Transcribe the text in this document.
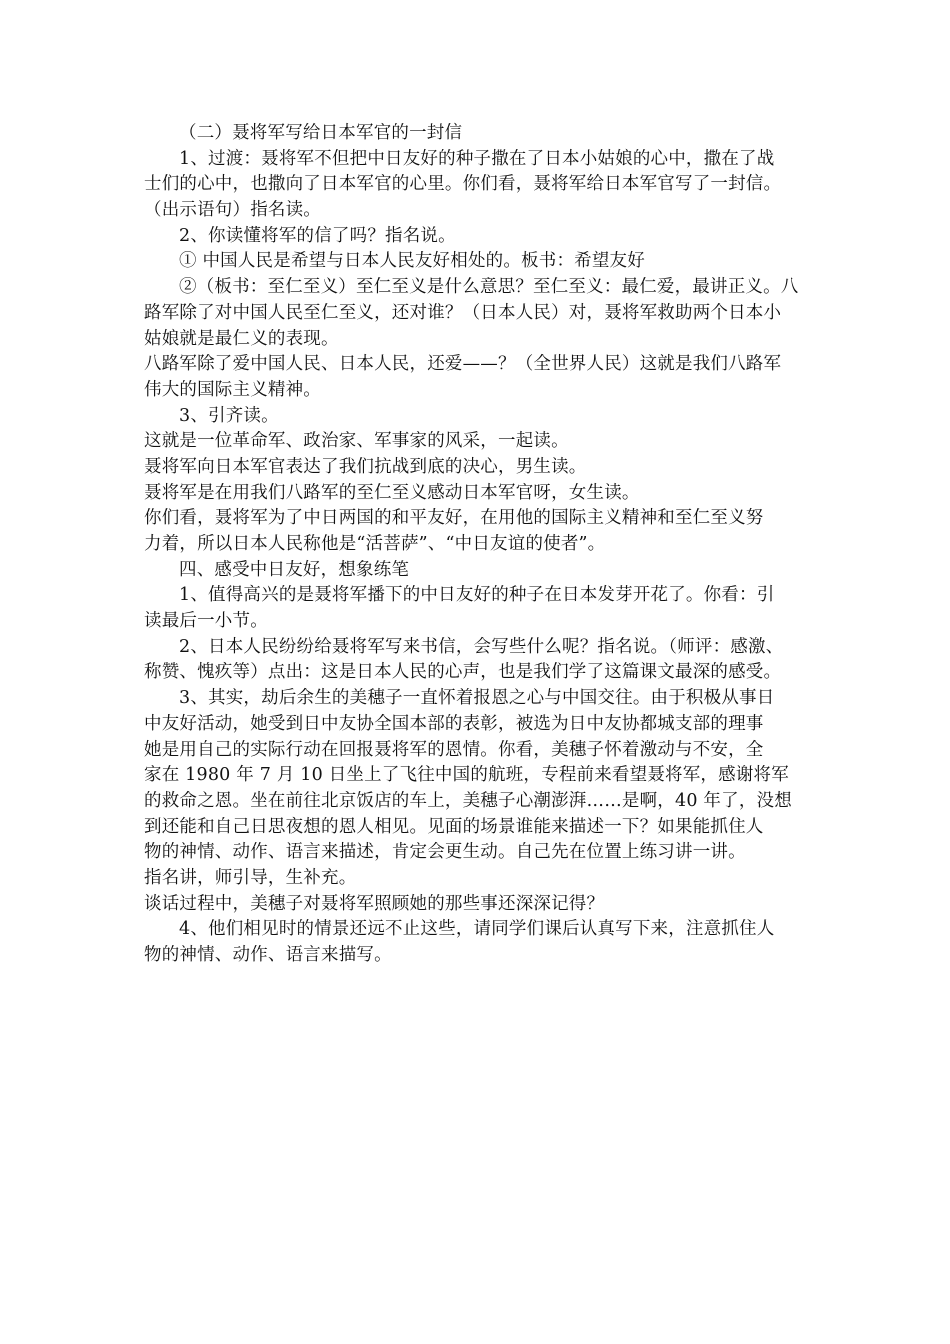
（二）聂将军写给日本军官的一封信
1、过渡：聂将军不但把中日友好的种子撒在了日本小姑娘的心中，撒在了战
士们的心中，也撒向了日本军官的心里。你们看，聂将军给日本军官写了一封信。
（出示语句）指名读。
2、你读懂将军的信了吗？指名说。
① 中国人民是希望与日本人民友好相处的。板书：希望友好
②（板书：至仁至义）至仁至义是什么意思？至仁至义：最仁爱，最讲正义。八
路军除了对中国人民至仁至义，还对谁？（日本人民）对，聂将军救助两个日本小
姑娘就是最仁义的表现。
八路军除了爱中国人民、日本人民，还爱——？（全世界人民）这就是我们八路军
伟大的国际主义精神。
3、引齐读。
这就是一位革命军、政治家、军事家的风采，一起读。
聂将军向日本军官表达了我们抗战到底的决心，男生读。
聂将军是在用我们八路军的至仁至义感动日本军官呀，女生读。
你们看，聂将军为了中日两国的和平友好，在用他的国际主义精神和至仁至义努
力着，所以日本人民称他是“活菩萨”、“中日友谊的使者”。
四、感受中日友好，想象练笔
1、值得高兴的是聂将军播下的中日友好的种子在日本发芽开花了。你看：引
读最后一小节。
2、日本人民纷纷给聂将军写来书信，会写些什么呢？指名说。（师评：感激、
称赞、愧疚等）点出：这是日本人民的心声，也是我们学了这篇课文最深的感受。
3、其实，劫后余生的美穗子一直怀着报恩之心与中国交往。由于积极从事日
中友好活动，她受到日中友协全国本部的表彰，被选为日中友协都城支部的理事
她是用自己的实际行动在回报聂将军的恩情。你看，美穗子怀着激动与不安，全
家在 1980 年 7 月 10 日坐上了飞往中国的航班，专程前来看望聂将军，感谢将军
的救命之恩。坐在前往北京饭店的车上，美穗子心潮澎湃……是啊，40 年了，没想
到还能和自己日思夜想的恩人相见。见面的场景谁能来描述一下？如果能抓住人
物的神情、动作、语言来描述，肯定会更生动。自己先在位置上练习讲一讲。
指名讲，师引导，生补充。
谈话过程中，美穗子对聂将军照顾她的那些事还深深记得？
4、他们相见时的情景还远不止这些，请同学们课后认真写下来，注意抓住人
物的神情、动作、语言来描写。
